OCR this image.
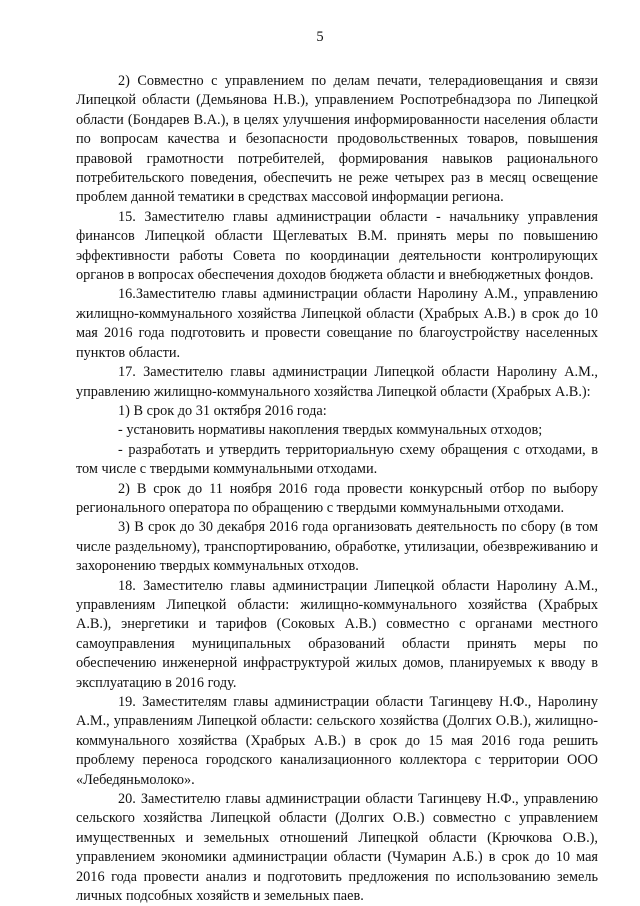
5

2) Совместно с управлением по делам печати, телерадиовещания и связи Липецкой области (Демьянова Н.В.), управлением Роспотребнадзора по Липецкой области (Бондарев В.А.), в целях улучшения информированности населения области по вопросам качества и безопасности продовольственных товаров, повышения правовой грамотности потребителей, формирования навыков рационального потребительского поведения, обеспечить не реже четырех раз в месяц освещение проблем данной тематики в средствах массовой информации региона.

15. Заместителю главы администрации области - начальнику управления финансов Липецкой области Щеглеватых В.М. принять меры по повышению эффективности работы Совета по координации деятельности контролирующих органов в вопросах обеспечения доходов бюджета области и внебюджетных фондов.

16.Заместителю главы администрации области Наролину А.М., управлению жилищно-коммунального хозяйства Липецкой области (Храбрых А.В.) в срок до 10 мая 2016 года подготовить и провести совещание по благоустройству населенных пунктов области.

17. Заместителю главы администрации Липецкой области Наролину А.М., управлению жилищно-коммунального хозяйства Липецкой области (Храбрых А.В.):

1) В срок до 31 октября 2016 года:

- установить нормативы накопления твердых коммунальных отходов;

- разработать и утвердить территориальную схему обращения с отходами, в том числе с твердыми коммунальными отходами.

2) В срок до 11 ноября 2016 года провести конкурсный отбор по выбору регионального оператора по обращению с твердыми коммунальными отходами.

3) В срок до 30 декабря 2016 года организовать деятельность по сбору (в том числе раздельному), транспортированию, обработке, утилизации, обезвреживанию и захоронению твердых коммунальных отходов.

18. Заместителю главы администрации Липецкой области Наролину А.М., управлениям Липецкой области: жилищно-коммунального хозяйства (Храбрых А.В.), энергетики и тарифов (Соковых А.В.) совместно с органами местного самоуправления муниципальных образований области принять меры по обеспечению инженерной инфраструктурой жилых домов, планируемых к вводу в эксплуатацию в 2016 году.

19. Заместителям главы администрации области Тагинцеву Н.Ф., Наролину А.М., управлениям Липецкой области: сельского хозяйства (Долгих О.В.), жилищно-коммунального хозяйства (Храбрых А.В.) в срок до 15 мая 2016 года решить проблему переноса городского канализационного коллектора с территории ООО «Лебедяньмолоко».

20. Заместителю главы администрации области Тагинцеву Н.Ф., управлению сельского хозяйства Липецкой области (Долгих О.В.) совместно с управлением имущественных и земельных отношений Липецкой области (Крючкова О.В.), управлением экономики администрации области (Чумарин А.Б.) в срок до 10 мая 2016 года провести анализ и подготовить предложения по использованию земель личных подсобных хозяйств и земельных паев.
